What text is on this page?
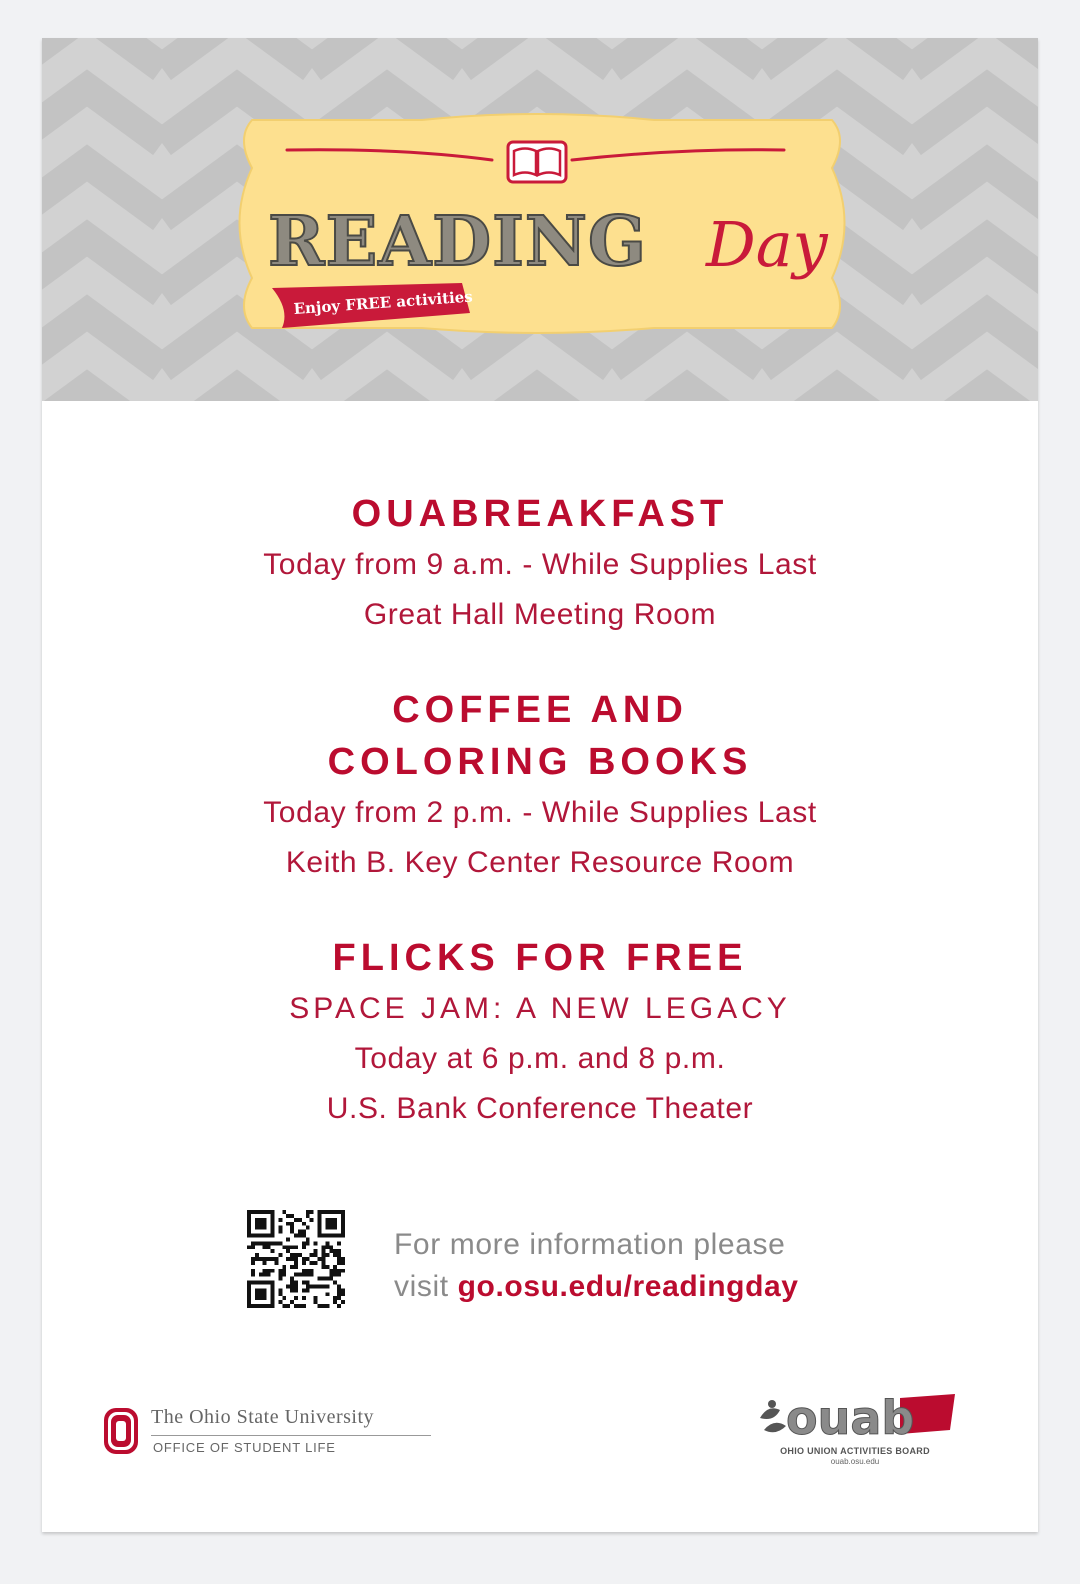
READING Day
Enjoy FREE activities
OUABREAKFAST
Today from 9 a.m. - While Supplies Last
Great Hall Meeting Room
COFFEE AND
COLORING BOOKS
Today from 2 p.m. - While Supplies Last
Keith B. Key Center Resource Room
FLICKS FOR FREE
SPACE JAM: A NEW LEGACY
Today at 6 p.m. and 8 p.m.
U.S. Bank Conference Theater
For more information please
visit go.osu.edu/readingday
The Ohio State University
OFFICE OF STUDENT LIFE
ouab
OHIO UNION ACTIVITIES BOARD
ouab.osu.edu
